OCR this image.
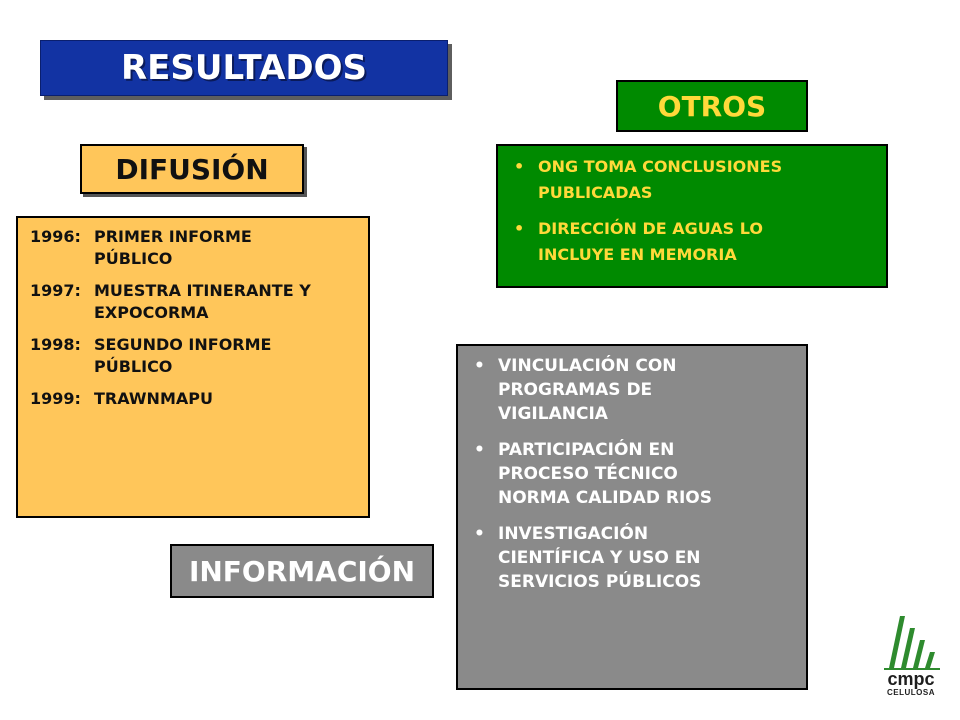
RESULTADOS
DIFUSIÓN
1996: PRIMER INFORME
PÚBLICO
1997: MUESTRA ITINERANTE Y
EXPOCORMA
1998: SEGUNDO INFORME
PÚBLICO
1999: TRAWNMAPU
OTROS
• ONG TOMA CONCLUSIONES
PUBLICADAS
• DIRECCIÓN DE AGUAS LO
INCLUYE EN MEMORIA
• VINCULACIÓN CON
PROGRAMAS DE
VIGILANCIA
• PARTICIPACIÓN EN
PROCESO TÉCNICO
NORMA CALIDAD RIOS
• INVESTIGACIÓN
CIENTÍFICA Y USO EN
SERVICIOS PÚBLICOS
INFORMACIÓN
cmpc
CELULOSA
